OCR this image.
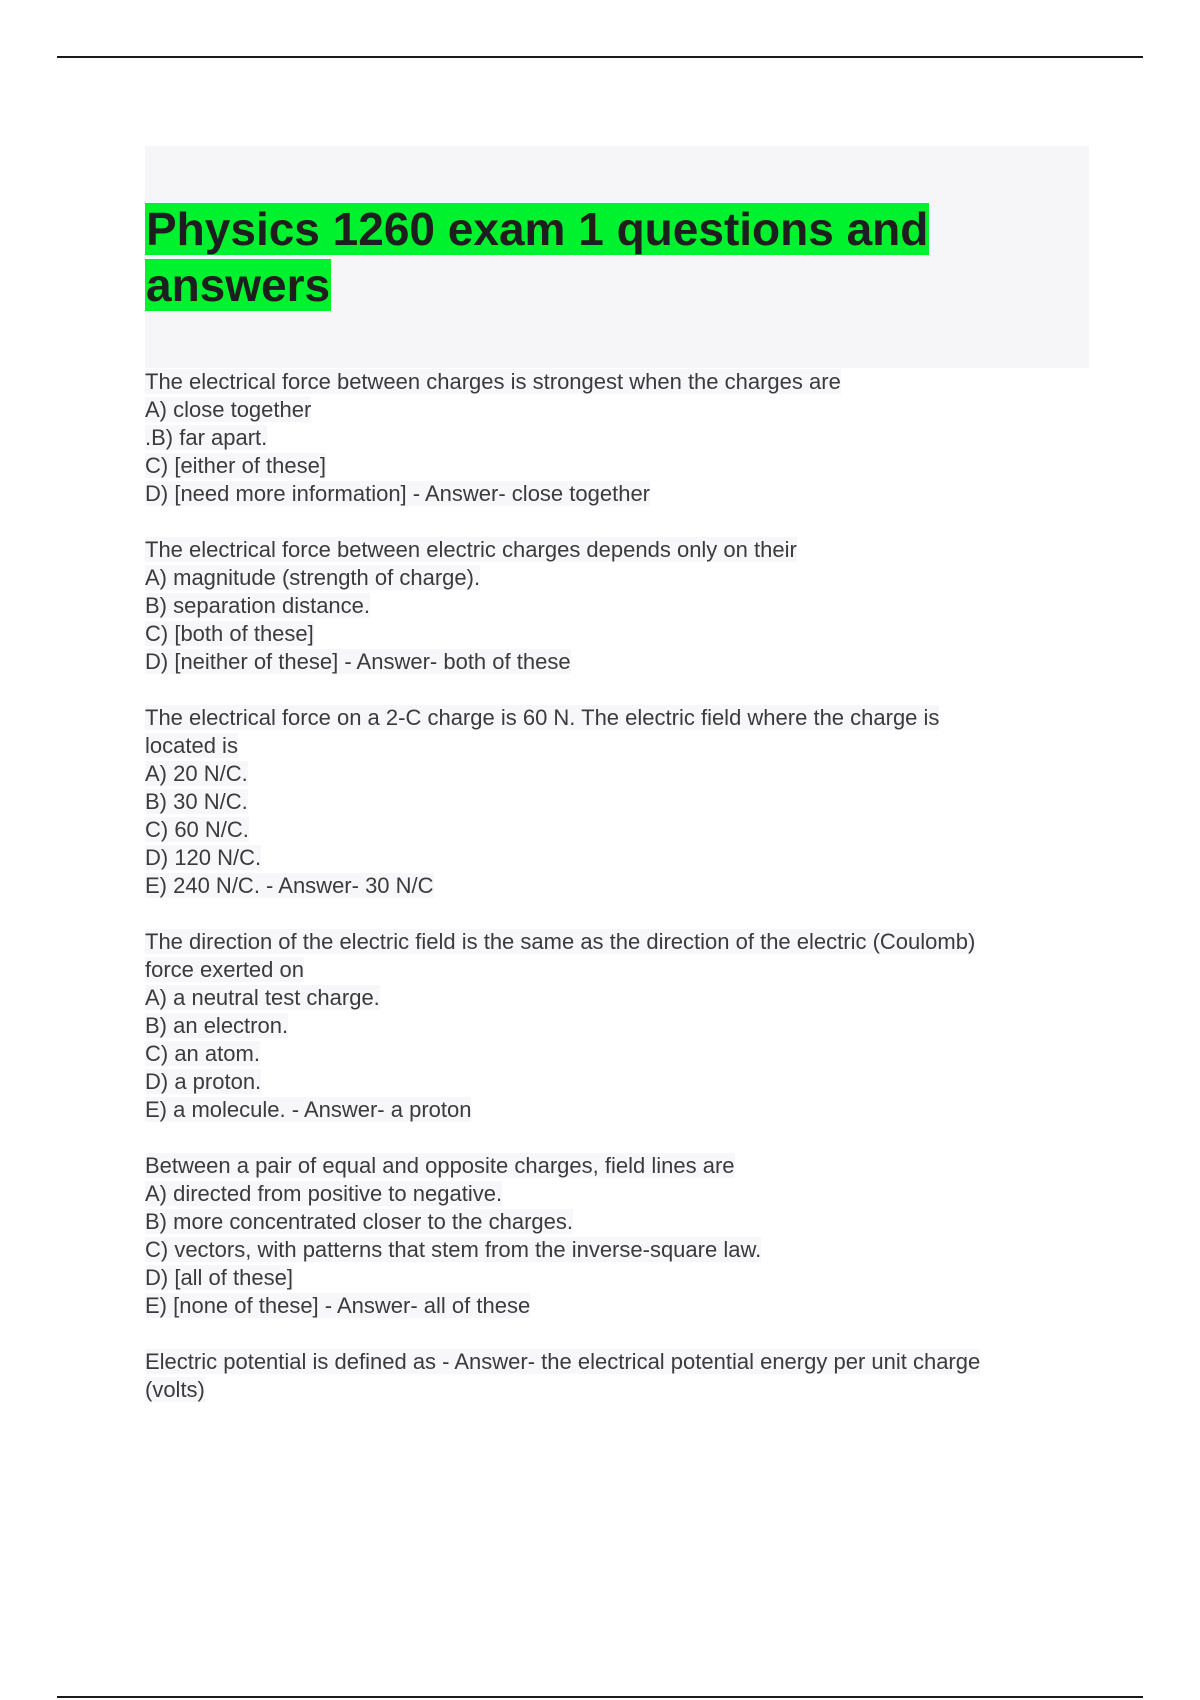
Physics 1260 exam 1 questions and answers
The electrical force between charges is strongest when the charges are
A) close together
.B) far apart.
C) [either of these]
D) [need more information] - Answer- close together
The electrical force between electric charges depends only on their
A) magnitude (strength of charge).
B) separation distance.
C) [both of these]
D) [neither of these] - Answer- both of these
The electrical force on a 2-C charge is 60 N. The electric field where the charge is
located is
A) 20 N/C.
B) 30 N/C.
C) 60 N/C.
D) 120 N/C.
E) 240 N/C. - Answer- 30 N/C
The direction of the electric field is the same as the direction of the electric (Coulomb)
force exerted on
A) a neutral test charge.
B) an electron.
C) an atom.
D) a proton.
E) a molecule. - Answer- a proton
Between a pair of equal and opposite charges, field lines are
A) directed from positive to negative.
B) more concentrated closer to the charges.
C) vectors, with patterns that stem from the inverse-square law.
D) [all of these]
E) [none of these] - Answer- all of these
Electric potential is defined as - Answer- the electrical potential energy per unit charge
(volts)
